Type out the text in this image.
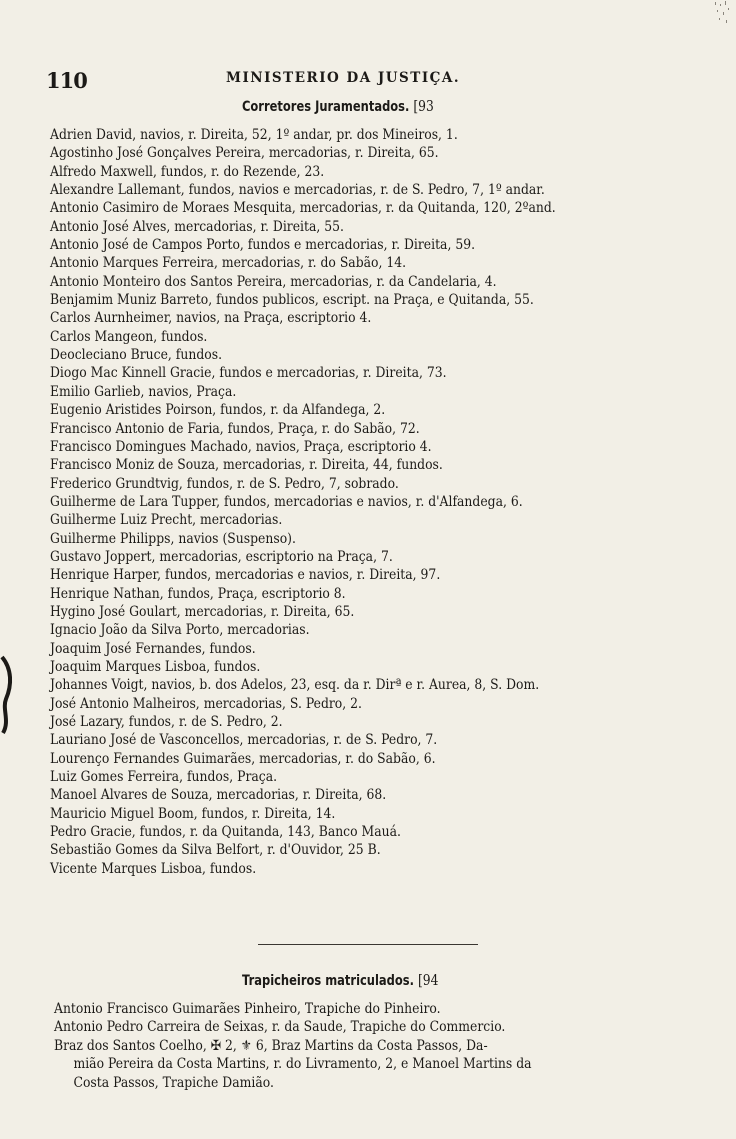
110	MINISTERIO DA JUSTIÇA.
Corretores Juramentados. [93
Adrien David, navios, r. Direita, 52, 1º andar, pr. dos Mineiros, 1.
Agostinho José Gonçalves Pereira, mercadorias, r. Direita, 65.
Alfredo Maxwell, fundos, r. do Rezende, 23.
Alexandre Lallemant, fundos, navios e mercadorias, r. de S. Pedro, 7, 1º andar.
Antonio Casimiro de Moraes Mesquita, mercadorias, r. da Quitanda, 120, 2ºand.
Antonio José Alves, mercadorias, r. Direita, 55.
Antonio José de Campos Porto, fundos e mercadorias, r. Direita, 59.
Antonio Marques Ferreira, mercadorias, r. do Sabão, 14.
Antonio Monteiro dos Santos Pereira, mercadorias, r. da Candelaria, 4.
Benjamim Muniz Barreto, fundos publicos, escript. na Praça, e Quitanda, 55.
Carlos Aurnheimer, navios, na Praça, escriptorio 4.
Carlos Mangeon, fundos.
Deocleciano Bruce, fundos.
Diogo Mac Kinnell Gracie, fundos e mercadorias, r. Direita, 73.
Emilio Garlieb, navios, Praça.
Eugenio Aristides Poirson, fundos, r. da Alfandega, 2.
Francisco Antonio de Faria, fundos, Praça, r. do Sabão, 72.
Francisco Domingues Machado, navios, Praça, escriptorio 4.
Francisco Moniz de Souza, mercadorias, r. Direita, 44, fundos.
Frederico Grundtvig, fundos, r. de S. Pedro, 7, sobrado.
Guilherme de Lara Tupper, fundos, mercadorias e navios, r. d'Alfandega, 6.
Guilherme Luiz Precht, mercadorias.
Guilherme Philipps, navios (Suspenso).
Gustavo Joppert, mercadorias, escriptorio na Praça, 7.
Henrique Harper, fundos, mercadorias e navios, r. Direita, 97.
Henrique Nathan, fundos, Praça, escriptorio 8.
Hygino José Goulart, mercadorias, r. Direita, 65.
Ignacio João da Silva Porto, mercadorias.
Joaquim José Fernandes, fundos.
Joaquim Marques Lisboa, fundos.
Johannes Voigt, navios, b. dos Adelos, 23, esq. da r. Dirª e r. Aurea, 8, S. Dom.
José Antonio Malheiros, mercadorias, S. Pedro, 2.
José Lazary, fundos, r. de S. Pedro, 2.
Lauriano José de Vasconcellos, mercadorias, r. de S. Pedro, 7.
Lourenço Fernandes Guimarães, mercadorias, r. do Sabão, 6.
Luiz Gomes Ferreira, fundos, Praça.
Manoel Alvares de Souza, mercadorias, r. Direita, 68.
Mauricio Miguel Boom, fundos, r. Direita, 14.
Pedro Gracie, fundos, r. da Quitanda, 143, Banco Mauá.
Sebastião Gomes da Silva Belfort, r. d'Ouvidor, 25 B.
Vicente Marques Lisboa, fundos.
Trapicheiros matriculados. [94
Antonio Francisco Guimarães Pinheiro, Trapiche do Pinheiro.
Antonio Pedro Carreira de Seixas, r. da Saude, Trapiche do Commercio.
Braz dos Santos Coelho, ✠ 2, ⚜ 6, Braz Martins da Costa Passos, Da-
mião Pereira da Costa Martins, r. do Livramento, 2, e Manoel Martins da
Costa Passos, Trapiche Damião.
